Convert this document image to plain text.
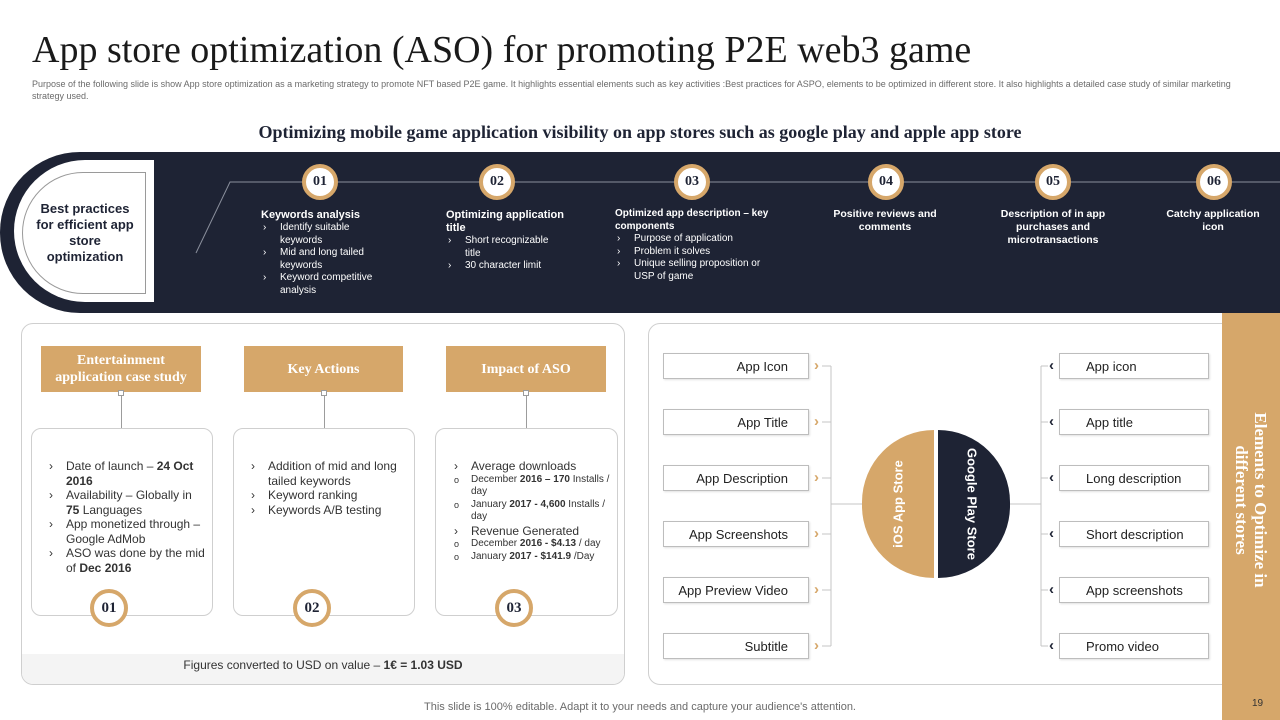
App store optimization (ASO) for promoting P2E web3 game
Purpose of the following slide is show App store optimization as a marketing strategy to promote NFT based P2E game. It highlights essential elements such as key activities :Best practices for ASPO, elements to be optimized in different store. It also highlights a detailed case study of similar marketing strategy used.
Optimizing mobile game application visibility on app stores such as google play and apple app store
Best practices for efficient app store optimization
01	02	03	04	05	06
Keywords analysis
› Identify suitable keywords
› Mid and long tailed keywords
› Keyword competitive analysis
Optimizing application title
› Short recognizable title
› 30 character limit
Optimized app description – key components
› Purpose of application
› Problem it solves
› Unique selling proposition or USP of game
Positive reviews and comments
Description of in app purchases and microtransactions
Catchy application icon
Figures converted to USD on value – 1€ = 1.03 USD
Entertainment application case study
Key Actions	Impact of ASO
› Date of launch – 24 Oct 2016
› Availability – Globally in 75 Languages
› App monetized through – Google AdMob
› ASO was done by the mid of Dec 2016
› Addition of mid and long tailed keywords
› Keyword ranking
› Keywords A/B testing
› Average downloads
o December 2016 – 170 Installs / day
o January 2017 - 4,600 Installs / day
› Revenue Generated
o December 2016 - $4.13 / day
o January 2017 - $141.9 /Day
01	02	03
App Icon
App Title
App Description
App Screenshots
App Preview Video
Subtitle
›
›
›
›
›
›
App icon
App title
Long description
Short description
App screenshots
Promo video
‹
‹
‹
‹
‹
‹
iOS App Store	Google Play Store	Elements to Optimize in different stores
This slide is 100% editable. Adapt it to your needs and capture your audience's attention.	19
